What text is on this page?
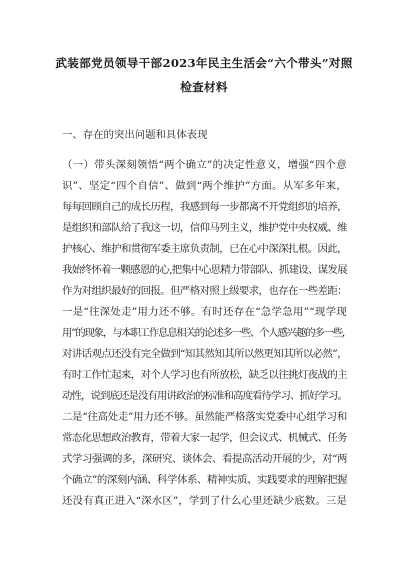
武装部党员领导干部2023年民主生活会“六个带头”对照
检查材料
一、存在的突出问题和具体表现
（一）带头深刻领悟“两个确立”的决定性意义，增强“四个意
识”、坚定“四个自信”、做到“两个维护”方面。从军多年来，
每每回顾自己的成长历程，我感到每一步都离不开党组织的培养，
是组织和部队给了我这一切，信仰马列主义，维护党中央权威、维
护核心、维护和贯彻军委主席负责制，已在心中深深扎根。因此，
我始终怀着一颗感恩的心,把集中心思精力带部队、抓建设、谋发展
作为对组织最好的回报。但严格对照上级要求，也存在一些差距：
一是“往深处走”用力还不够。有时还存在“急学急用”“现学现
用”的现象，与本职工作息息相关的论述多一些、个人感兴趣的多一些，
对讲话观点还没有完全做到“知其然知其所以然更知其所以必然”，
有时工作忙起来，对个人学习也有所放松，缺乏以往挑灯夜战的主
动性，说到底还是没有用讲政治的标准和高度看待学习、抓好学习。
二是“往高处走”用力还不够。虽然能严格落实党委中心组学习和
常态化思想政治教育，带着大家一起学，但会议式、机械式、任务
式学习强调的多，深研究、谈体会、看提高活动开展的少，对“两
个确立”的深刻内涵、科学体系、精神实质、实践要求的理解把握
还没有真正进入“深水区”，学到了什么心里还缺少底数。三是
